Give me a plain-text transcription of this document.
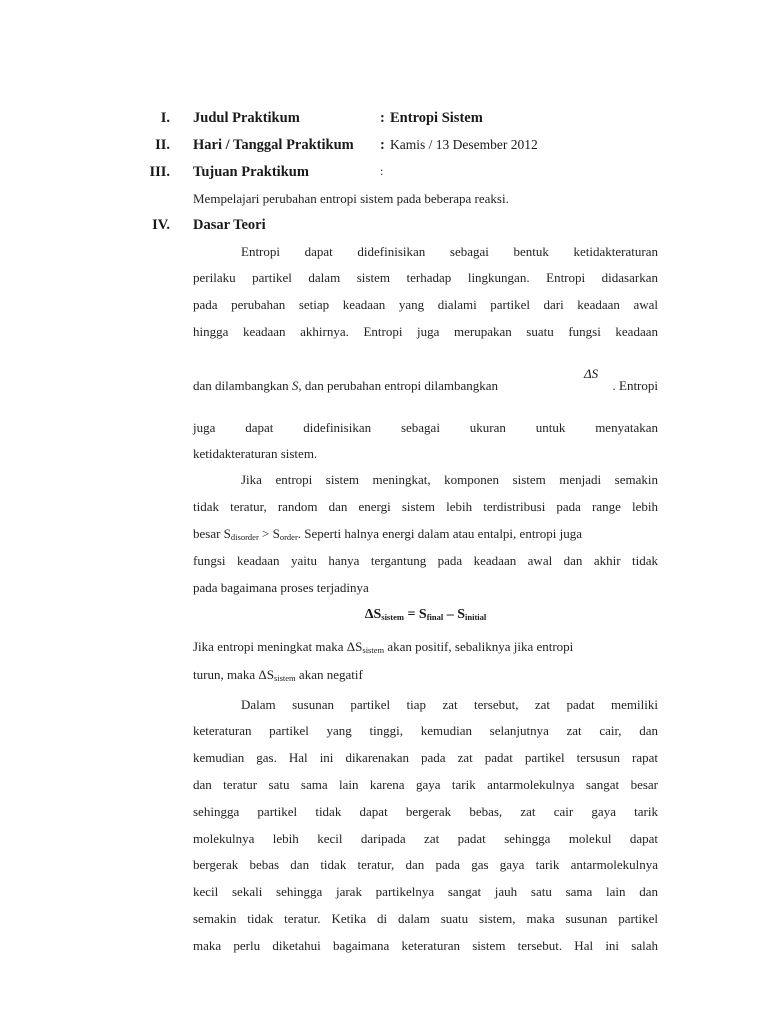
I. Judul Praktikum	: Entropi Sistem
II. Hari / Tanggal Praktikum : Kamis / 13 Desember 2012
III. Tujuan Praktikum	:
Mempelajari perubahan entropi sistem pada beberapa reaksi.
IV. Dasar Teori
Entropi dapat didefinisikan sebagai bentuk ketidakteraturan
perilaku partikel dalam sistem terhadap lingkungan. Entropi didasarkan
pada perubahan setiap keadaan yang dialami partikel dari keadaan awal
hingga keadaan akhirnya. Entropi juga merupakan suatu fungsi keadaan
dan dilambangkan S, dan perubahan entropi dilambangkan
ΔS
. Entropi
juga dapat didefinisikan sebagai ukuran untuk menyatakan
ketidakteraturan sistem.
Jika entropi sistem meningkat, komponen sistem menjadi semakin
tidak teratur, random dan energi sistem lebih terdistribusi pada range lebih
besar $S_{disorder} > S_{order}$. Seperti halnya energi dalam atau entalpi, entropi juga
fungsi keadaan yaitu hanya tergantung pada keadaan awal dan akhir tidak
pada bagaimana proses terjadinya
$\Delta S_{sistem} = S_{final} - S_{initial}$
Jika entropi meningkat maka $\Delta S_{sistem}$ akan positif, sebaliknya jika entropi
turun, maka $\Delta S_{sistem}$ akan negatif
Dalam susunan partikel tiap zat tersebut, zat padat memiliki
keteraturan partikel yang tinggi, kemudian selanjutnya zat cair, dan
kemudian gas. Hal ini dikarenakan pada zat padat partikel tersusun rapat
dan teratur satu sama lain karena gaya tarik antarmolekulnya sangat besar
sehingga partikel tidak dapat bergerak bebas, zat cair gaya tarik
molekulnya lebih kecil daripada zat padat sehingga molekul dapat
bergerak bebas dan tidak teratur, dan pada gas gaya tarik antarmolekulnya
kecil sekali sehingga jarak partikelnya sangat jauh satu sama lain dan
semakin tidak teratur. Ketika di dalam suatu sistem, maka susunan partikel
maka perlu diketahui bagaimana keteraturan sistem tersebut. Hal ini salah
